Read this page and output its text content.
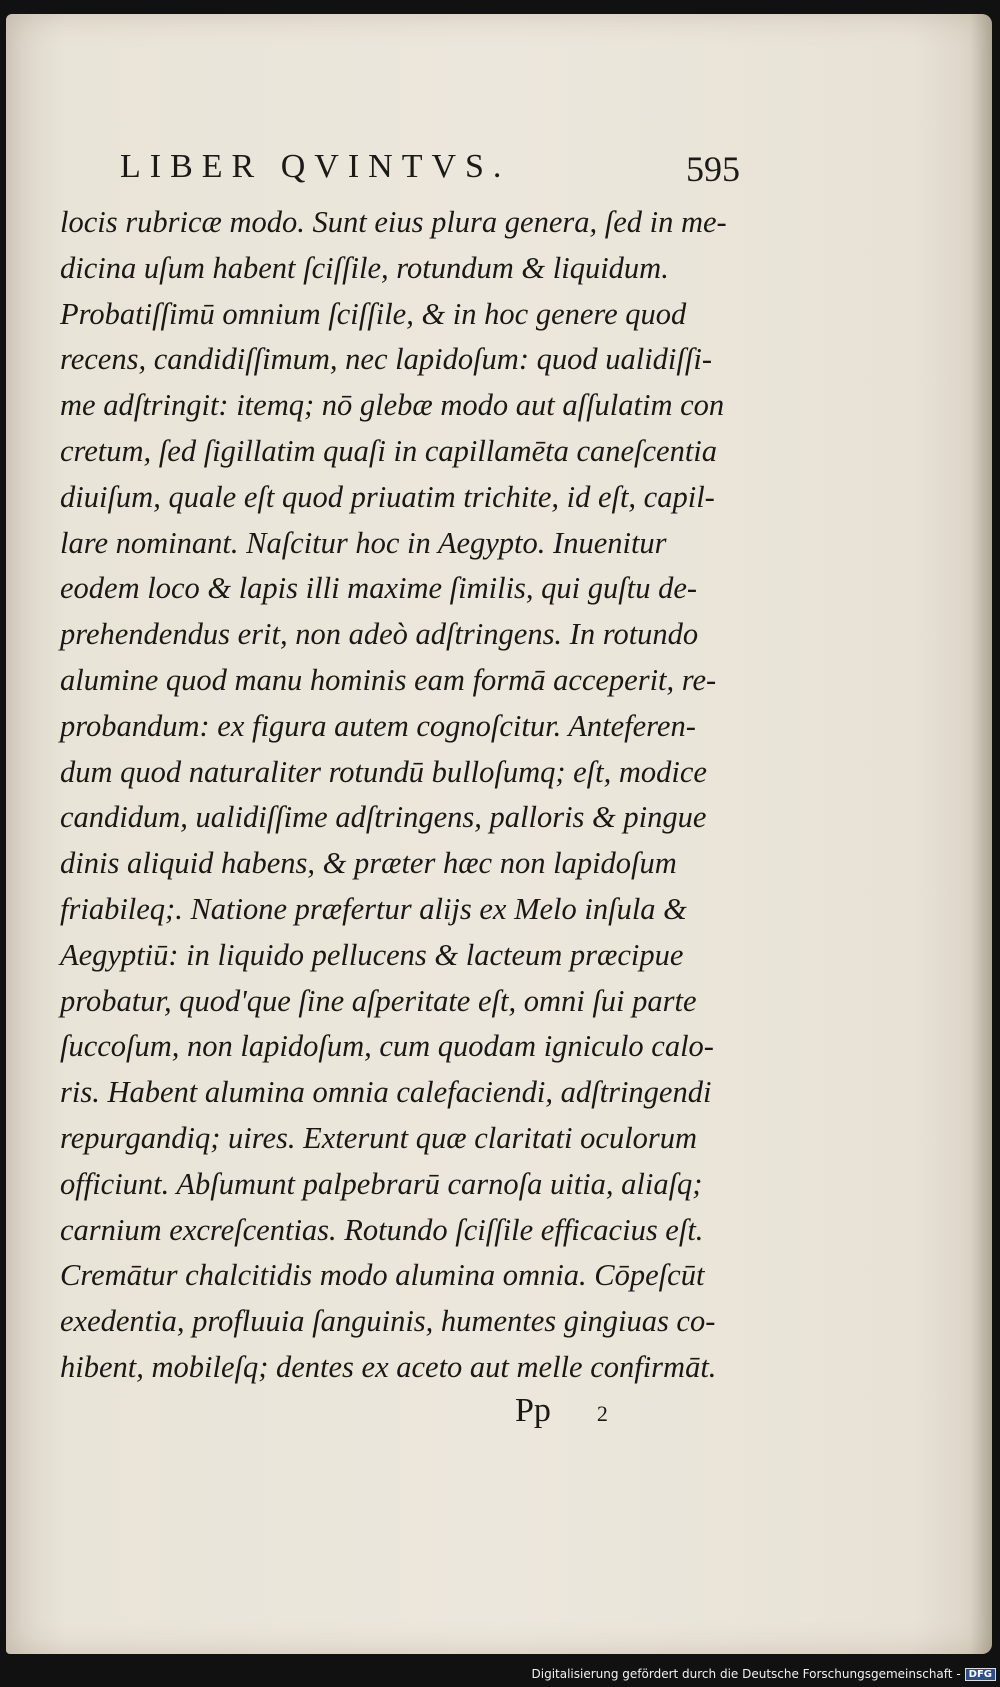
LIBER QVINTVS.	595
locis rubricæ modo. Sunt eius plura genera, ſed in me-
dicina uſum habent ſciſſile, rotundum & liquidum.
Probatiſſimū omnium ſciſſile, & in hoc genere quod
recens, candidiſſimum, nec lapidoſum: quod ualidiſſi-
me adſtringit: itemq; nō glebæ modo aut aſſulatim con
cretum, ſed ſigillatim quaſi in capillamēta caneſcentia
diuiſum, quale eſt quod priuatim trichite, id eſt, capil-
lare nominant. Naſcitur hoc in Aegypto. Inuenitur
eodem loco & lapis illi maxime ſimilis, qui guſtu de-
prehendendus erit, non adeò adſtringens. In rotundo
alumine quod manu hominis eam formā acceperit, re-
probandum: ex figura autem cognoſcitur. Anteferen-
dum quod naturaliter rotundū bulloſumq; eſt, modice
candidum, ualidiſſime adſtringens, palloris & pingue
dinis aliquid habens, & præter hæc non lapidoſum
friabileq;. Natione præfertur alijs ex Melo inſula &
Aegyptiū: in liquido pellucens & lacteum præcipue
probatur, quod'que ſine aſperitate eſt, omni ſui parte
ſuccoſum, non lapidoſum, cum quodam igniculo calo-
ris. Habent alumina omnia calefaciendi, adſtringendi
repurgandiq; uires. Exterunt quæ claritati oculorum
officiunt. Abſumunt palpebrarū carnoſa uitia, aliaſq;
carnium excreſcentias. Rotundo ſciſſile efficacius eſt.
Cremātur chalcitidis modo alumina omnia. Cōpeſcūt
exedentia, profluuia ſanguinis, humentes gingiuas co-
hibent, mobileſq; dentes ex aceto aut melle confirmāt.
Pp 2
Digitalisierung gefördert durch die Deutsche Forschungsgemeinschaft - DFG
